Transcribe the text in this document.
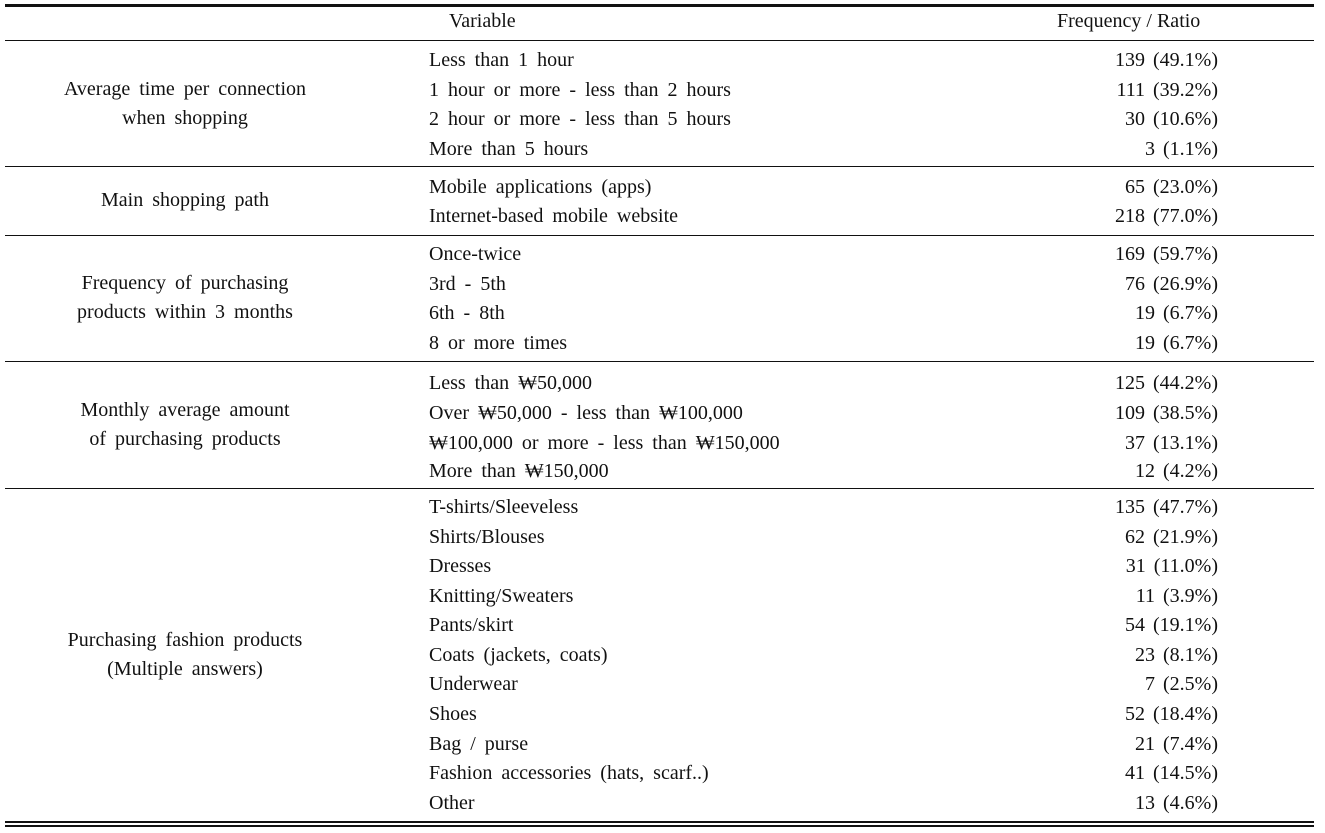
Variable	Frequency / Ratio
Average time per connection
when shopping
Less than 1 hour	139 (49.1%)
1 hour or more - less than 2 hours	111 (39.2%)
2 hour or more - less than 5 hours	30 (10.6%)
More than 5 hours	3 (1.1%)
Main shopping path
Mobile applications (apps)	65 (23.0%)
Internet-based mobile website	218 (77.0%)
Frequency of purchasing
products within 3 months
Once-twice	169 (59.7%)
3rd - 5th	76 (26.9%)
6th - 8th	19 (6.7%)
8 or more times	19 (6.7%)
Monthly average amount
of purchasing products
Less than ₩50,000	125 (44.2%)
Over ₩50,000 - less than ₩100,000	109 (38.5%)
₩100,000 or more - less than ₩150,000	37 (13.1%)
More than ₩150,000	12 (4.2%)
Purchasing fashion products
(Multiple answers)
T-shirts/Sleeveless	135 (47.7%)
Shirts/Blouses	62 (21.9%)
Dresses	31 (11.0%)
Knitting/Sweaters	11 (3.9%)
Pants/skirt	54 (19.1%)
Coats (jackets, coats)	23 (8.1%)
Underwear	7 (2.5%)
Shoes	52 (18.4%)
Bag / purse	21 (7.4%)
Fashion accessories (hats, scarf..)	41 (14.5%)
Other	13 (4.6%)
